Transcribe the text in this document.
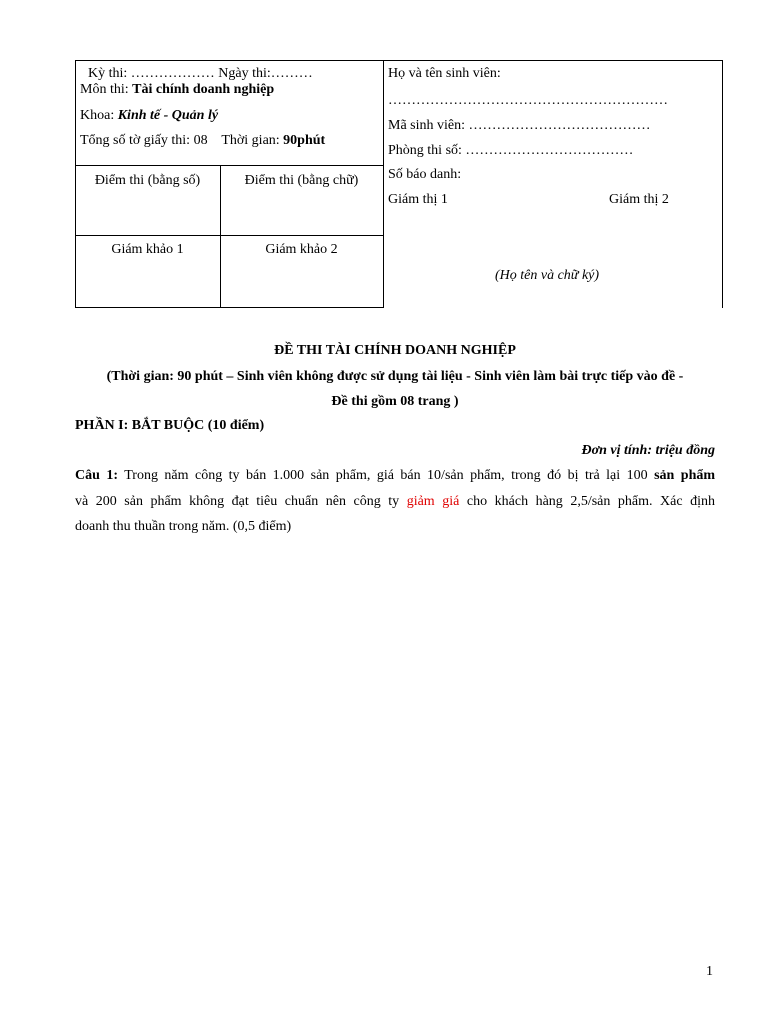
Kỳ thi: ……………… Ngày thi:………
Môn thi: Tài chính doanh nghiệp
Khoa: Kinh tế - Quản lý
Tổng số tờ giấy thi: 08 Thời gian: 90phút
Điểm thi (bằng số)	Điểm thi (bằng chữ)
Giám khảo 1	Giám khảo 2
Họ và tên sinh viên:
……………………………………………………
Mã sinh viên: …………………………………
Phòng thi số: ………………………………
Số báo danh:
Giám thị 1	Giám thị 2
(Họ tên và chữ ký)
ĐỀ THI TÀI CHÍNH DOANH NGHIỆP
(Thời gian: 90 phút – Sinh viên không được sử dụng tài liệu - Sinh viên làm bài trực tiếp vào đề -
Đề thi gồm 08 trang )
PHẦN I: BẮT BUỘC (10 điểm)
Đơn vị tính: triệu đồng
Câu 1: Trong năm công ty bán 1.000 sản phẩm, giá bán 10/sản phẩm, trong đó bị trả lại 100 sản phẩm
và 200 sản phẩm không đạt tiêu chuẩn nên công ty giảm giá cho khách hàng 2,5/sản phẩm. Xác định
doanh thu thuần trong năm. (0,5 điểm)
1
